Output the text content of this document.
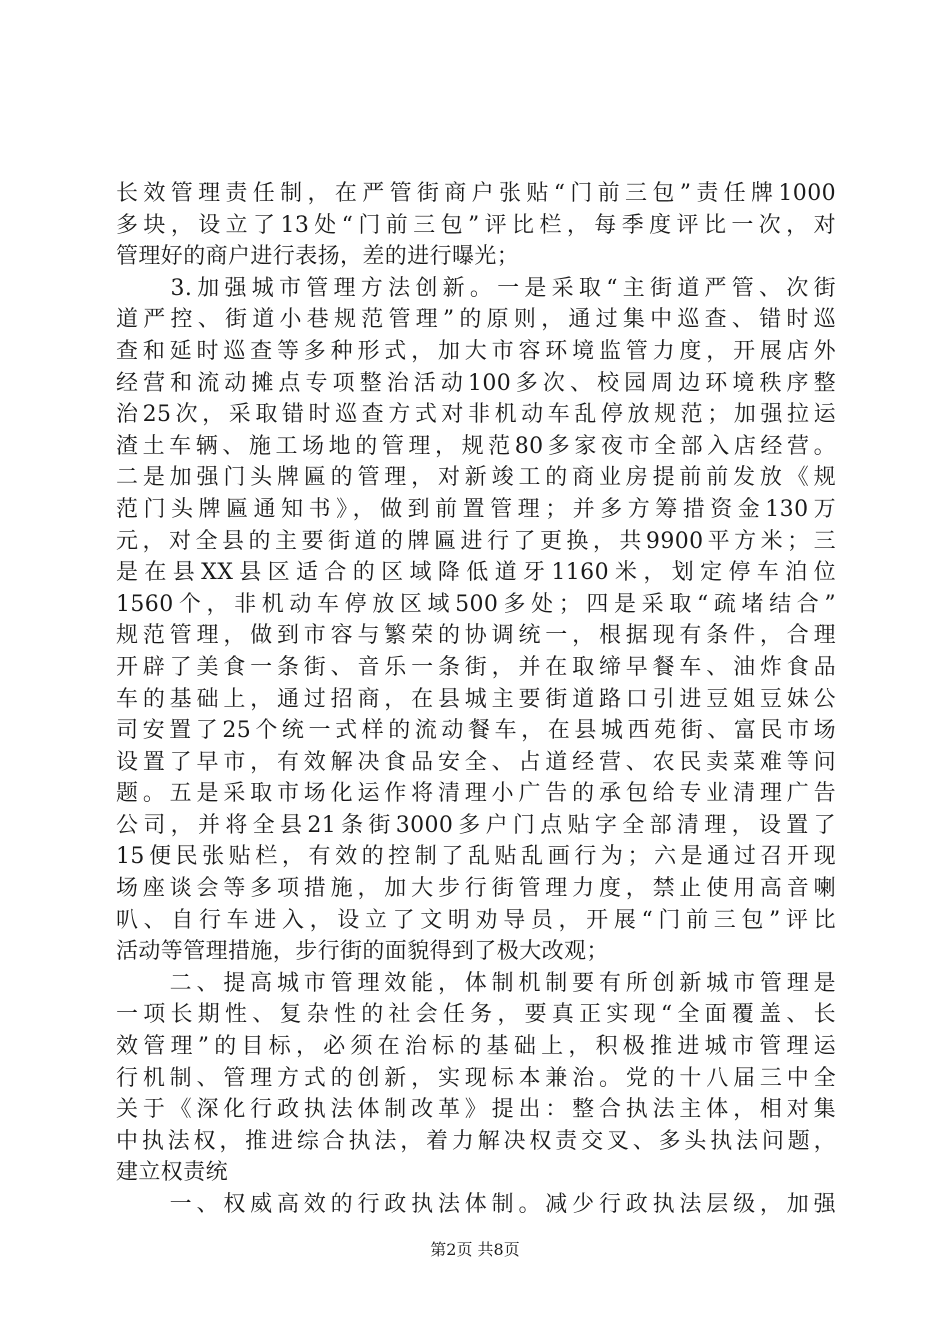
长效管理责任制，在严管街商户张贴“门前三包”责任牌1000
多块，设立了13处“门前三包”评比栏，每季度评比一次，对
管理好的商户进行表扬，差的进行曝光；
　　3.加强城市管理方法创新。一是采取“主街道严管、次街
道严控、街道小巷规范管理”的原则，通过集中巡查、错时巡
查和延时巡查等多种形式，加大市容环境监管力度，开展店外
经营和流动摊点专项整治活动100多次、校园周边环境秩序整
治25次，采取错时巡查方式对非机动车乱停放规范；加强拉运
渣土车辆、施工场地的管理，规范80多家夜市全部入店经营。
二是加强门头牌匾的管理，对新竣工的商业房提前前发放《规
范门头牌匾通知书》，做到前置管理；并多方筹措资金130万
元，对全县的主要街道的牌匾进行了更换，共9900平方米；三
是在县XX县区适合的区域降低道牙1160米，划定停车泊位
1560个，非机动车停放区域500多处；四是采取“疏堵结合”
规范管理，做到市容与繁荣的协调统一，根据现有条件，合理
开辟了美食一条街、音乐一条街，并在取缔早餐车、油炸食品
车的基础上，通过招商，在县城主要街道路口引进豆姐豆妹公
司安置了25个统一式样的流动餐车，在县城西苑街、富民市场
设置了早市，有效解决食品安全、占道经营、农民卖菜难等问
题。五是采取市场化运作将清理小广告的承包给专业清理广告
公司，并将全县21条街3000多户门点贴字全部清理，设置了
15便民张贴栏，有效的控制了乱贴乱画行为；六是通过召开现
场座谈会等多项措施，加大步行街管理力度，禁止使用高音喇
叭、自行车进入，设立了文明劝导员，开展“门前三包”评比
活动等管理措施，步行街的面貌得到了极大改观；
　　二、提高城市管理效能，体制机制要有所创新城市管理是
一项长期性、复杂性的社会任务，要真正实现“全面覆盖、长
效管理”的目标，必须在治标的基础上，积极推进城市管理运
行机制、管理方式的创新，实现标本兼治。党的十八届三中全
关于《深化行政执法体制改革》提出：整合执法主体，相对集
中执法权，推进综合执法，着力解决权责交叉、多头执法问题，
建立权责统
　　一、权威高效的行政执法体制。减少行政执法层级，加强
第2页 共8页
